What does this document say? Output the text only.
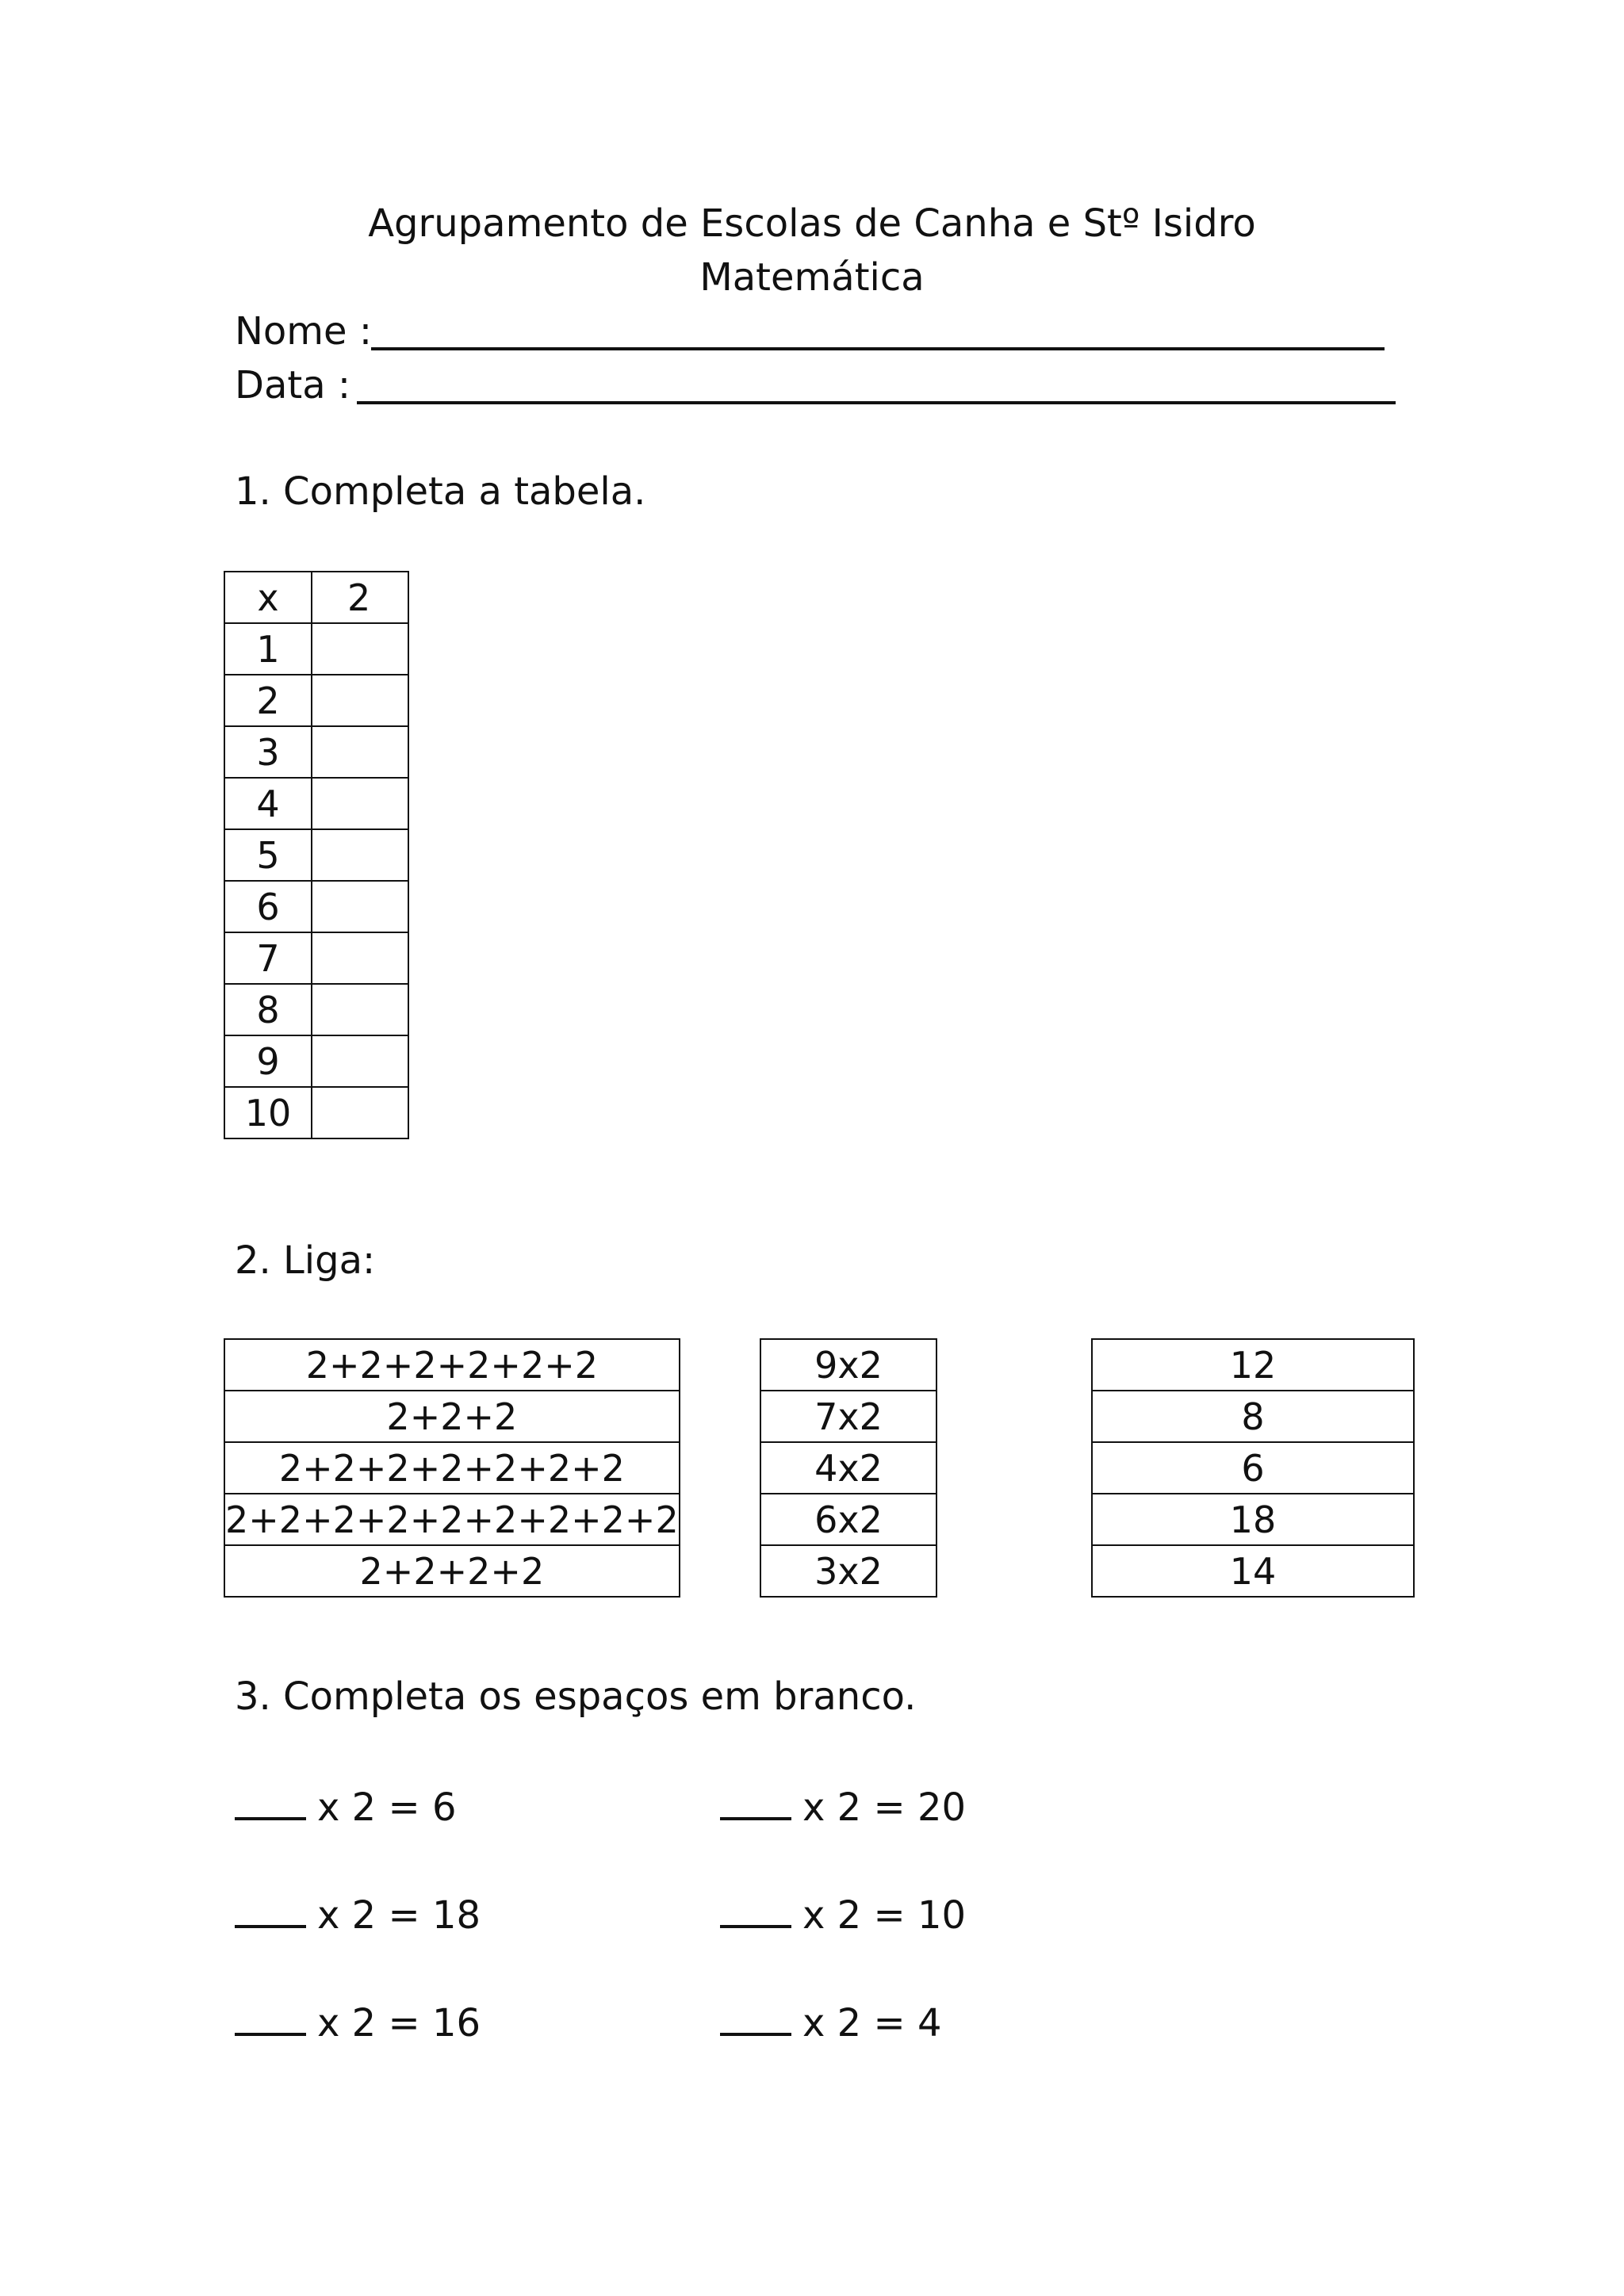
Agrupamento de Escolas de Canha e Stº Isidro
Matemática
Nome :
Data :
1. Completa a tabela.
x	2
1	
2	
3	
4	
5	
6	
7	
8	
9	
10	
2. Liga:
2+2+2+2+2+2
2+2+2
2+2+2+2+2+2+2
2+2+2+2+2+2+2+2+2
2+2+2+2
9x2
7x2
4x2
6x2
3x2
12
8
6
18
14
3. Completa os espaços em branco.
x 2 = 6	x 2 = 20
x 2 = 18	x 2 = 10
x 2 = 16	x 2 = 4
